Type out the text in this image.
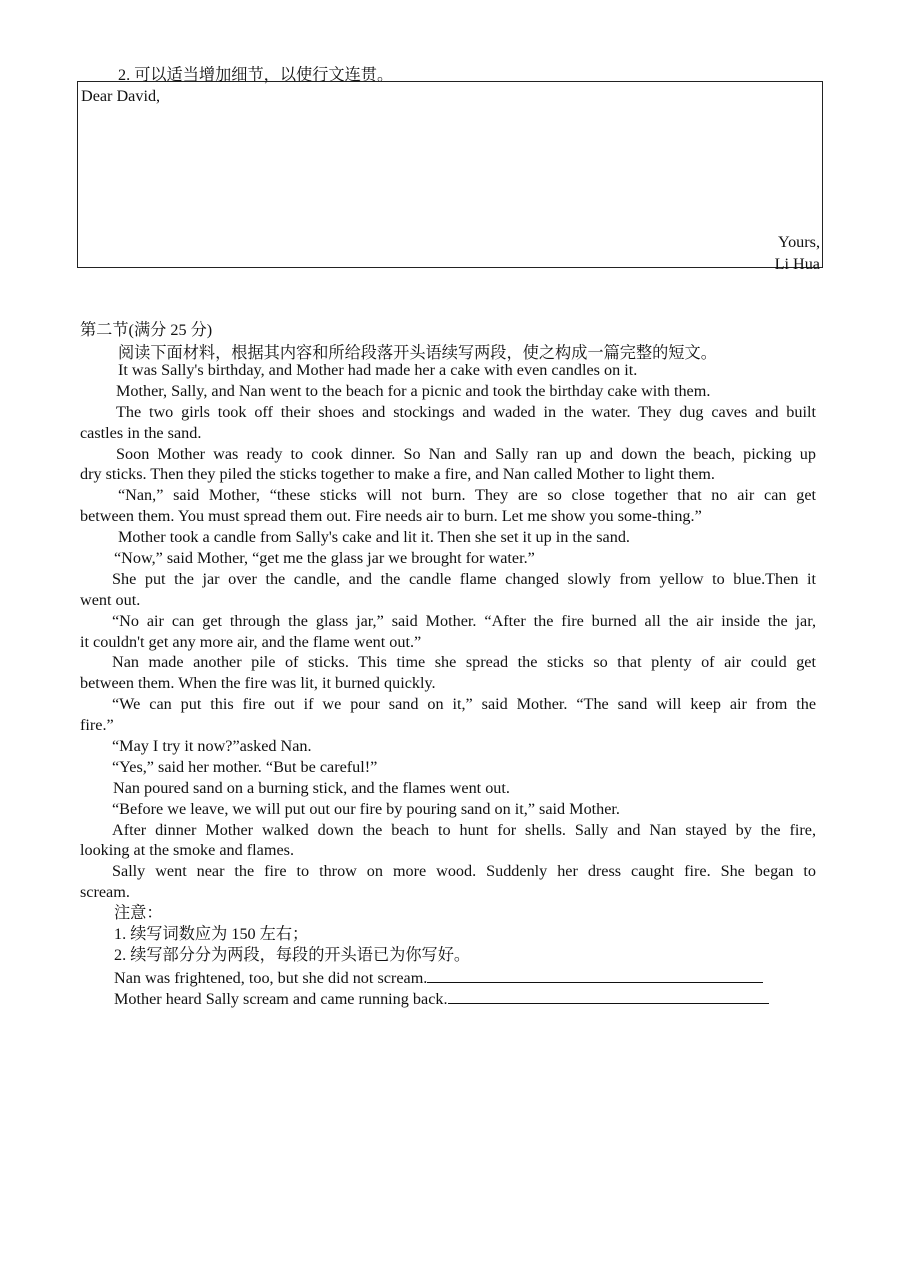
2. 可以适当增加细节，以使行文连贯。
Dear David,
Yours,
Li Hua
第二节(满分 25 分)
阅读下面材料，根据其内容和所给段落开头语续写两段，使之构成一篇完整的短文。
It was Sally's birthday, and Mother had made her a cake with even candles on it.
Mother, Sally, and Nan went to the beach for a picnic and took the birthday cake with them.
The two girls took off their shoes and stockings and waded in the water. They dug caves and built
castles in the sand.
Soon Mother was ready to cook dinner. So Nan and Sally ran up and down the beach, picking up
dry sticks. Then they piled the sticks together to make a fire, and Nan called Mother to light them.
“Nan,” said Mother, “these sticks will not burn. They are so close together that no air can get
between them. You must spread them out. Fire needs air to burn. Let me show you some-thing.”
Mother took a candle from Sally's cake and lit it. Then she set it up in the sand.
“Now,” said Mother, “get me the glass jar we brought for water.”
She put the jar over the candle, and the candle flame changed slowly from yellow to blue.Then it
went out.
“No air can get through the glass jar,” said Mother. “After the fire burned all the air inside the jar,
it couldn't get any more air, and the flame went out.”
Nan made another pile of sticks. This time she spread the sticks so that plenty of air could get
between them. When the fire was lit, it burned quickly.
“We can put this fire out if we pour sand on it,” said Mother. “The sand will keep air from the
fire.”
“May I try it now?”asked Nan.
“Yes,” said her mother. “But be careful!”
Nan poured sand on a burning stick, and the flames went out.
“Before we leave, we will put out our fire by pouring sand on it,” said Mother.
After dinner Mother walked down the beach to hunt for shells. Sally and Nan stayed by the fire,
looking at the smoke and flames.
Sally went near the fire to throw on more wood. Suddenly her dress caught fire. She began to
scream.
注意：
1. 续写词数应为 150 左右；
2. 续写部分分为两段，每段的开头语已为你写好。
Nan was frightened, too, but she did not scream.
Mother heard Sally scream and came running back.
